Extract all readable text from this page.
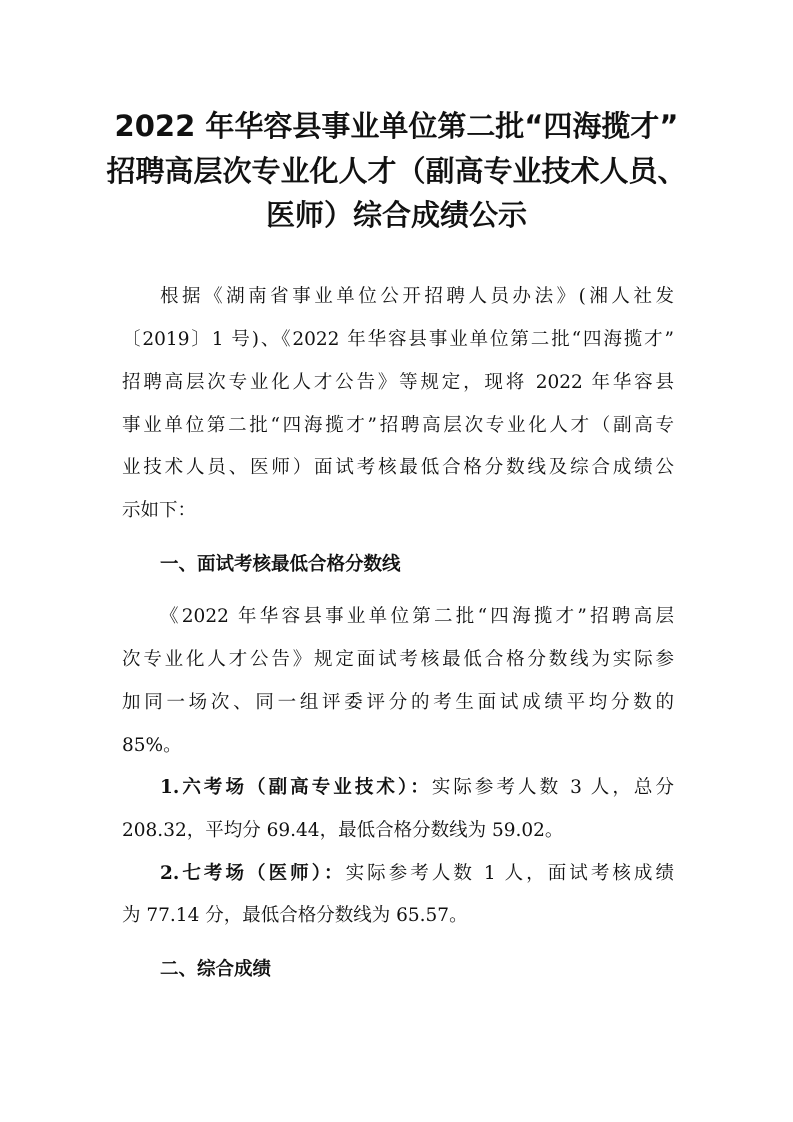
2022 年华容县事业单位第二批“四海揽才”
招聘高层次专业化人才（副高专业技术人员、
医师）综合成绩公示
根据《湖南省事业单位公开招聘人员办法》(湘人社发
〔2019〕1 号)、《2022 年华容县事业单位第二批“四海揽才”
招聘高层次专业化人才公告》等规定，现将 2022 年华容县
事业单位第二批“四海揽才”招聘高层次专业化人才（副高专
业技术人员、医师）面试考核最低合格分数线及综合成绩公
示如下：
一、面试考核最低合格分数线
《2022 年华容县事业单位第二批“四海揽才”招聘高层
次专业化人才公告》规定面试考核最低合格分数线为实际参
加同一场次、同一组评委评分的考生面试成绩平均分数的
85%。
1.六考场（副高专业技术）：实际参考人数 3 人，总分
208.32，平均分 69.44，最低合格分数线为 59.02。
2.七考场（医师）：实际参考人数 1 人，面试考核成绩
为 77.14 分，最低合格分数线为 65.57。
二、综合成绩
